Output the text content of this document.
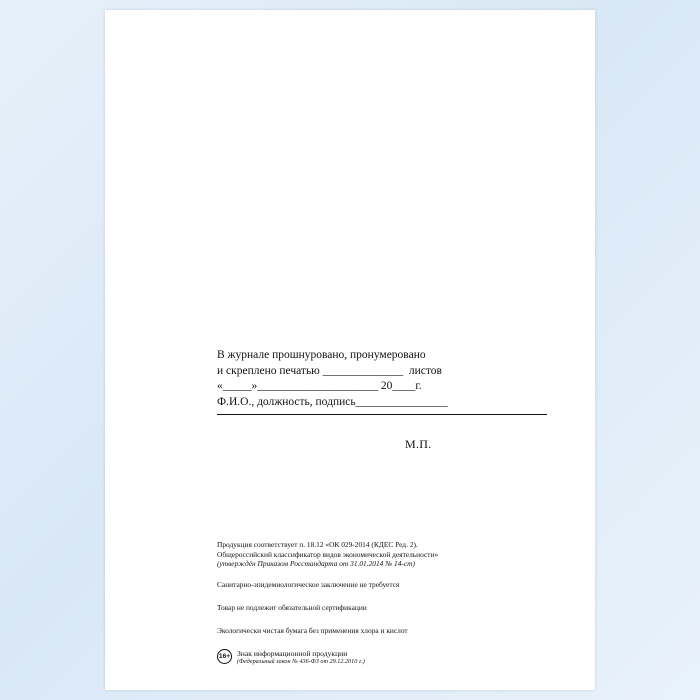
В журнале прошнуровано, пронумеровано
и скреплено печатью ______________  листов
«_____»_____________________ 20____г.
Ф.И.О., должность, подпись________________
М.П.
Продукция соответствует п. 18.12 «ОК 029-2014 (КДЕС Ред. 2).
Общероссийский классификатор видов экономической деятельности»
(утверждён Приказом Росстандарта от 31.01.2014 № 14-ст)
Санитарно-эпидемиологическое заключение не требуется
Товар не подлежит обязательной сертификации
Экологически чистая бумага без применения хлора и кислот
16+ Знак информационной продукции
(Федеральный закон № 436-ФЗ от 29.12.2010 г.)
